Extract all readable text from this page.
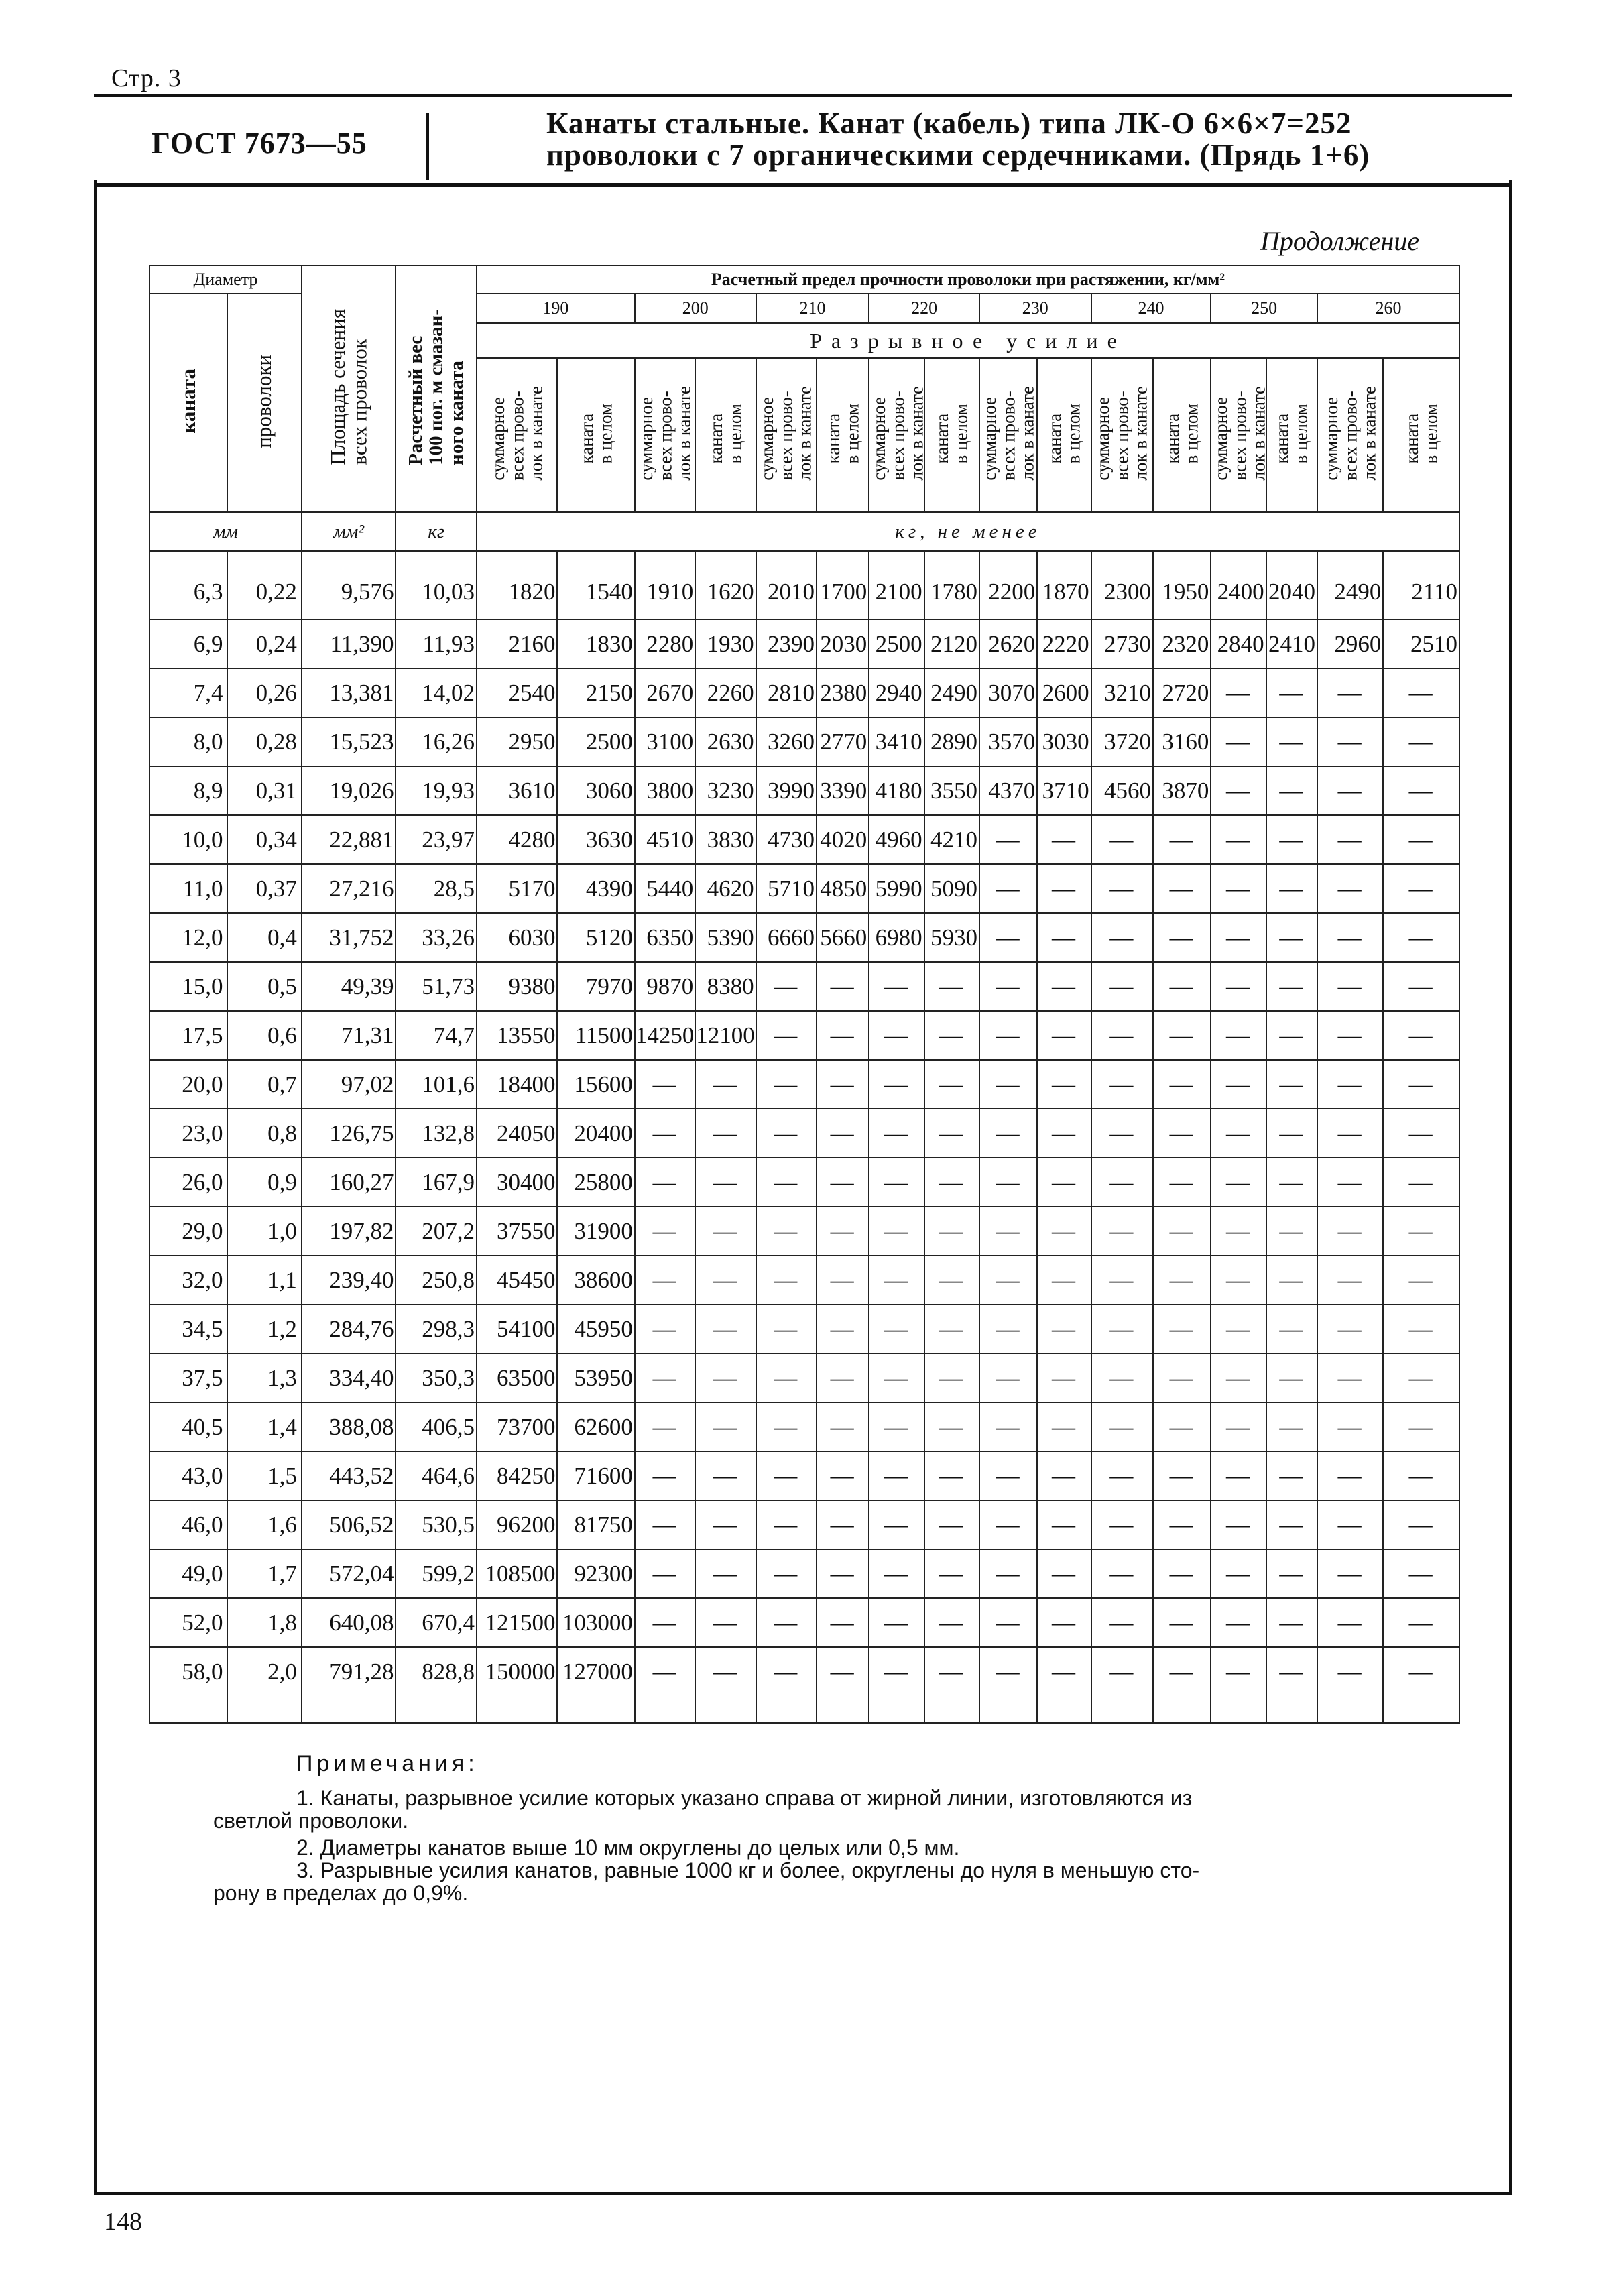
Стр. 3
ГОСТ 7673—55
Канаты стальные. Канат (кабель) типа ЛК-О 6×6×7=252
проволоки с 7 органическими сердечниками. (Прядь 1+6)
Продолжение
Диаметр		Площадь сечения
всех проволок	Расчетный вес
100 пог. м смазан-
ного каната	Расчетный предел прочности проволоки при растяжении, кг/мм²															
каната	проволоки			190		200		210		220		230		240		250		260	
				Разрывное усилие															
				суммарное
всех прово-
лок в канате	каната
в целом	суммарное
всех прово-
лок в канате	каната
в целом	суммарное
всех прово-
лок в канате	каната
в целом	суммарное
всех прово-
лок в канате	каната
в целом	суммарное
всех прово-
лок в канате	каната
в целом	суммарное
всех прово-
лок в канате	каната
в целом	суммарное
всех прово-
лок в канате	каната
в целом	суммарное
всех прово-
лок в канате	каната
в целом
мм		мм²	кг	кг, не менее															
6,3	0,22	9,576	10,03	1820	1540	1910	1620	2010	1700	2100	1780	2200	1870	2300	1950	2400	2040	2490	2110
6,9	0,24	11,390	11,93	2160	1830	2280	1930	2390	2030	2500	2120	2620	2220	2730	2320	2840	2410	2960	2510
7,4	0,26	13,381	14,02	2540	2150	2670	2260	2810	2380	2940	2490	3070	2600	3210	2720	—	—	—	—
8,0	0,28	15,523	16,26	2950	2500	3100	2630	3260	2770	3410	2890	3570	3030	3720	3160	—	—	—	—
8,9	0,31	19,026	19,93	3610	3060	3800	3230	3990	3390	4180	3550	4370	3710	4560	3870	—	—	—	—
10,0	0,34	22,881	23,97	4280	3630	4510	3830	4730	4020	4960	4210	—	—	—	—	—	—	—	—
11,0	0,37	27,216	28,5	5170	4390	5440	4620	5710	4850	5990	5090	—	—	—	—	—	—	—	—
12,0	0,4	31,752	33,26	6030	5120	6350	5390	6660	5660	6980	5930	—	—	—	—	—	—	—	—
15,0	0,5	49,39	51,73	9380	7970	9870	8380	—	—	—	—	—	—	—	—	—	—	—	—
17,5	0,6	71,31	74,7	13550	11500	14250	12100	—	—	—	—	—	—	—	—	—	—	—	—
20,0	0,7	97,02	101,6	18400	15600	—	—	—	—	—	—	—	—	—	—	—	—	—	—
23,0	0,8	126,75	132,8	24050	20400	—	—	—	—	—	—	—	—	—	—	—	—	—	—
26,0	0,9	160,27	167,9	30400	25800	—	—	—	—	—	—	—	—	—	—	—	—	—	—
29,0	1,0	197,82	207,2	37550	31900	—	—	—	—	—	—	—	—	—	—	—	—	—	—
32,0	1,1	239,40	250,8	45450	38600	—	—	—	—	—	—	—	—	—	—	—	—	—	—
34,5	1,2	284,76	298,3	54100	45950	—	—	—	—	—	—	—	—	—	—	—	—	—	—
37,5	1,3	334,40	350,3	63500	53950	—	—	—	—	—	—	—	—	—	—	—	—	—	—
40,5	1,4	388,08	406,5	73700	62600	—	—	—	—	—	—	—	—	—	—	—	—	—	—
43,0	1,5	443,52	464,6	84250	71600	—	—	—	—	—	—	—	—	—	—	—	—	—	—
46,0	1,6	506,52	530,5	96200	81750	—	—	—	—	—	—	—	—	—	—	—	—	—	—
49,0	1,7	572,04	599,2	108500	92300	—	—	—	—	—	—	—	—	—	—	—	—	—	—
52,0	1,8	640,08	670,4	121500	103000	—	—	—	—	—	—	—	—	—	—	—	—	—	—
58,0	2,0	791,28	828,8	150000	127000	—	—	—	—	—	—	—	—	—	—	—	—	—	—
Примечания:
1. Канаты, разрывное усилие которых указано справа от жирной линии, изготовляются из
светлой проволоки.
2. Диаметры канатов выше 10 мм округлены до целых или 0,5 мм.
3. Разрывные усилия канатов, равные 1000 кг и более, округлены до нуля в меньшую сто-
рону в пределах до 0,9%.
148
